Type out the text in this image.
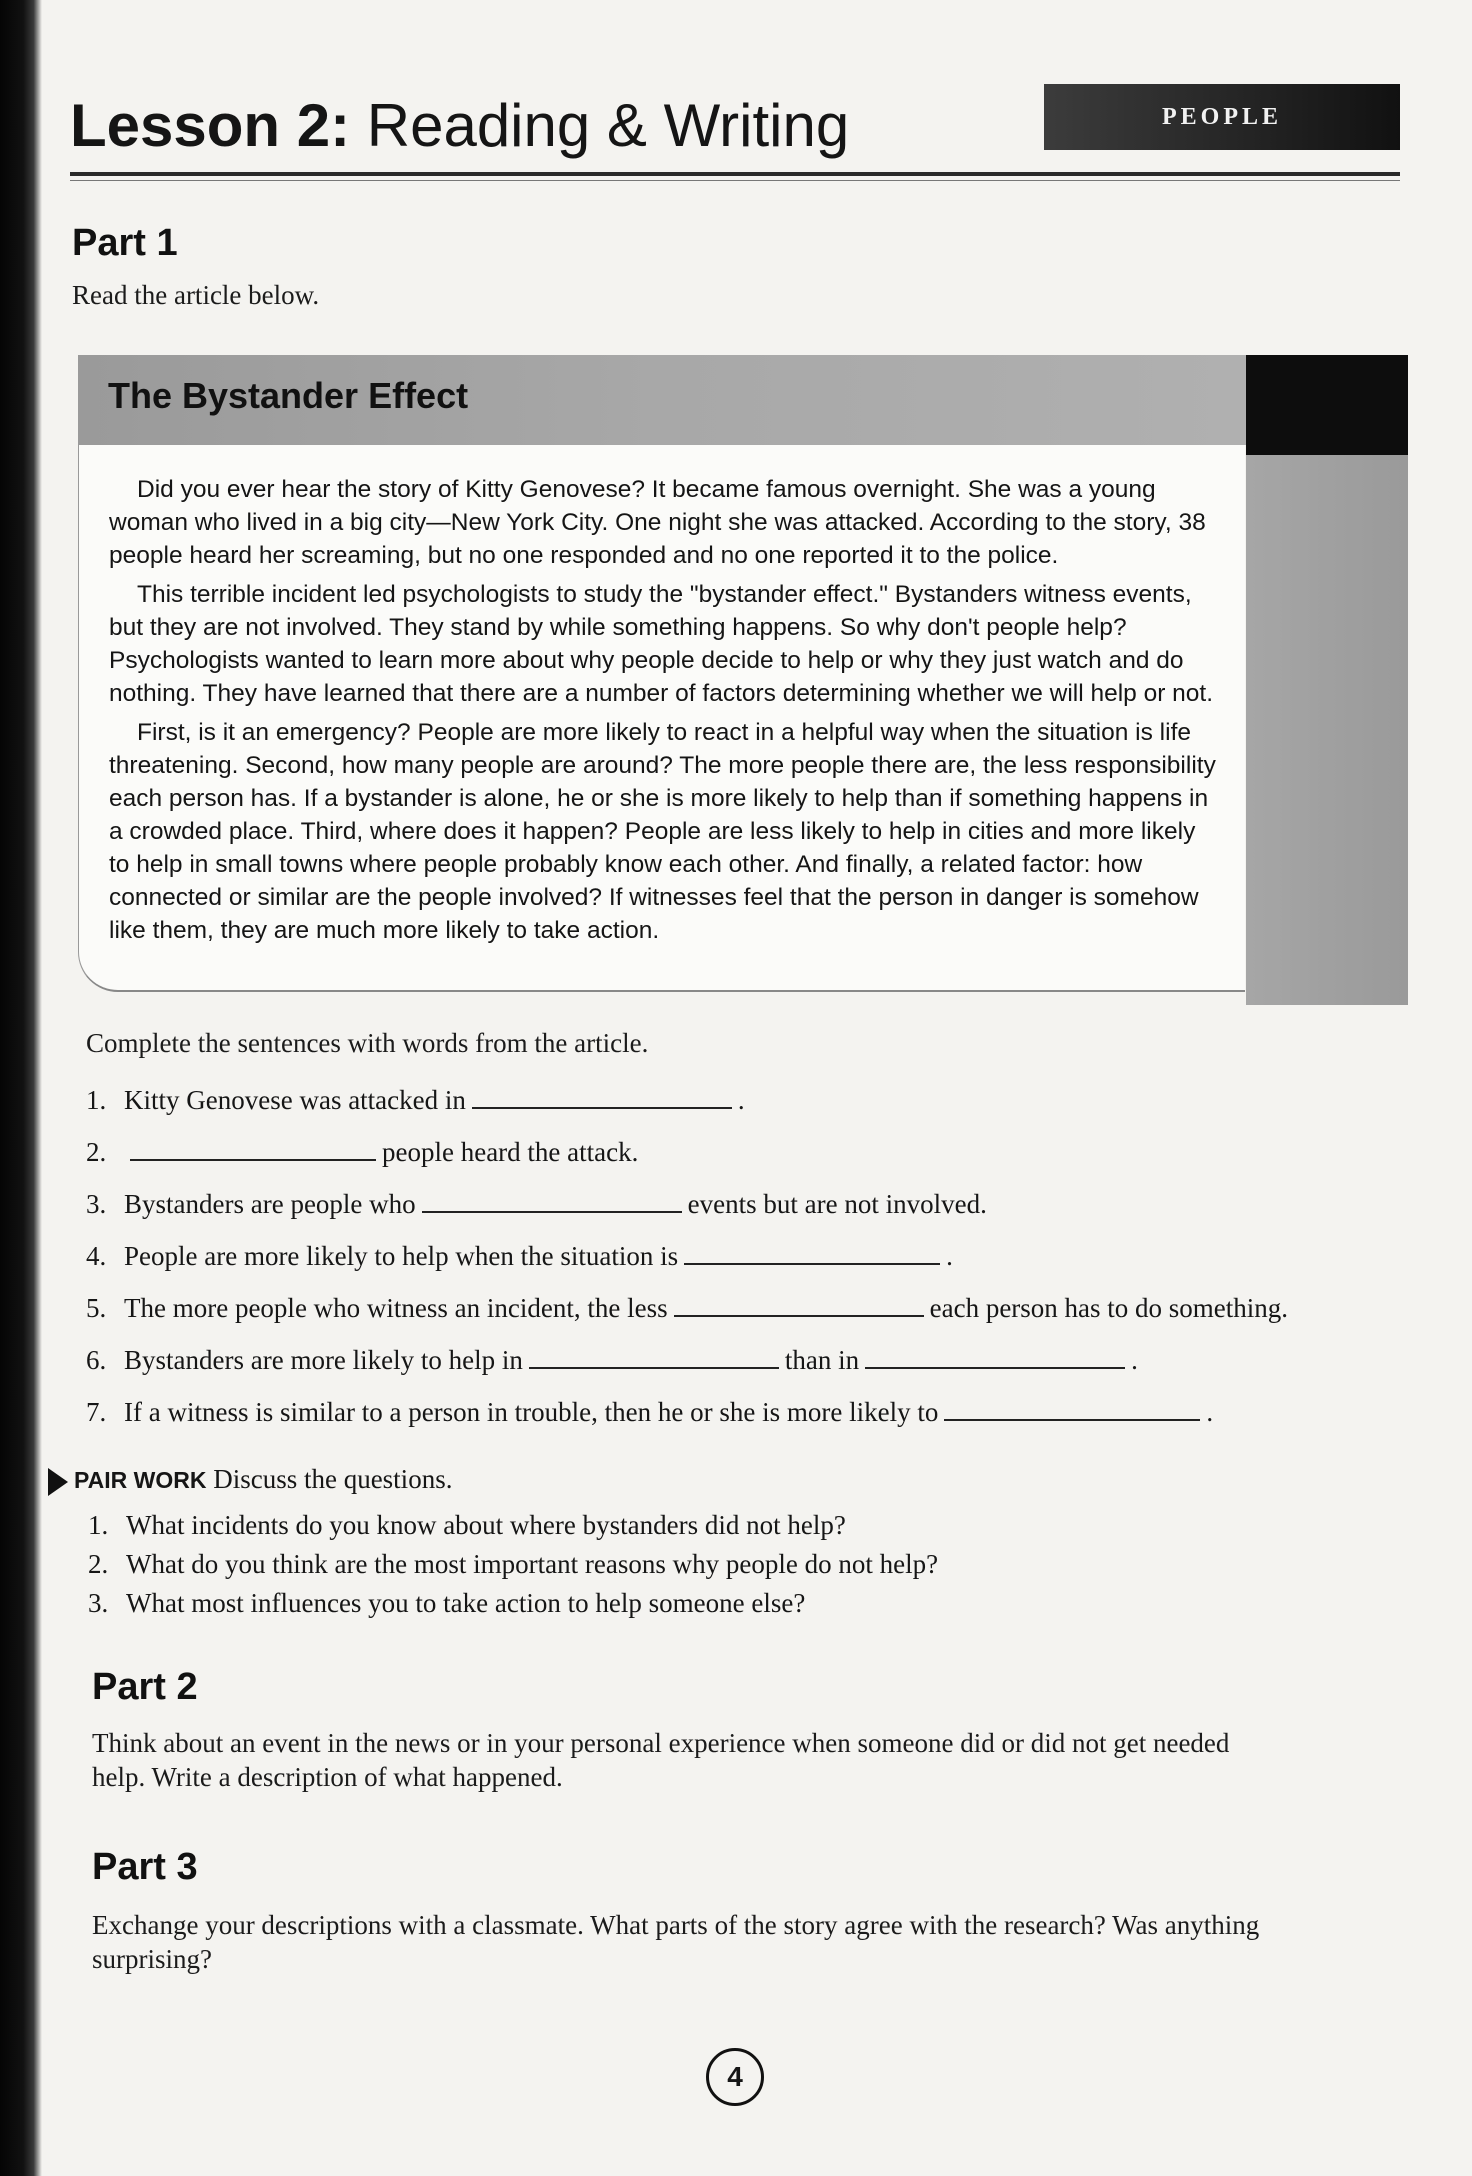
Lesson 2: Reading & Writing	PEOPLE
Part 1
Read the article below.
The Bystander Effect

Did you ever hear the story of Kitty Genovese? It became famous overnight. She was a young woman who lived in a big city—New York City. One night she was attacked. According to the story, 38 people heard her screaming, but no one responded and no one reported it to the police.

This terrible incident led psychologists to study the "bystander effect." Bystanders witness events, but they are not involved. They stand by while something happens. So why don't people help? Psychologists wanted to learn more about why people decide to help or why they just watch and do nothing. They have learned that there are a number of factors determining whether we will help or not.

First, is it an emergency? People are more likely to react in a helpful way when the situation is life threatening. Second, how many people are around? The more people there are, the less responsibility each person has. If a bystander is alone, he or she is more likely to help than if something happens in a crowded place. Third, where does it happen? People are less likely to help in cities and more likely to help in small towns where people probably know each other. And finally, a related factor: how connected or similar are the people involved? If witnesses feel that the person in danger is somehow like them, they are much more likely to take action.

Complete the sentences with words from the article.
1. Kitty Genovese was attacked in	.
2.	people heard the attack.
3. Bystanders are people who	events but are not involved.
4. People are more likely to help when the situation is	.
5. The more people who witness an incident, the less	each person has to do something.
6. Bystanders are more likely to help in	than in	.
7. If a witness is similar to a person in trouble, then he or she is more likely to	.
PAIR WORK Discuss the questions.
1. What incidents do you know about where bystanders did not help?
2. What do you think are the most important reasons why people do not help?
3. What most influences you to take action to help someone else?
Part 2
Think about an event in the news or in your personal experience when someone did or did not get needed help. Write a description of what happened.
Part 3
Exchange your descriptions with a classmate. What parts of the story agree with the research? Was anything surprising?
4
